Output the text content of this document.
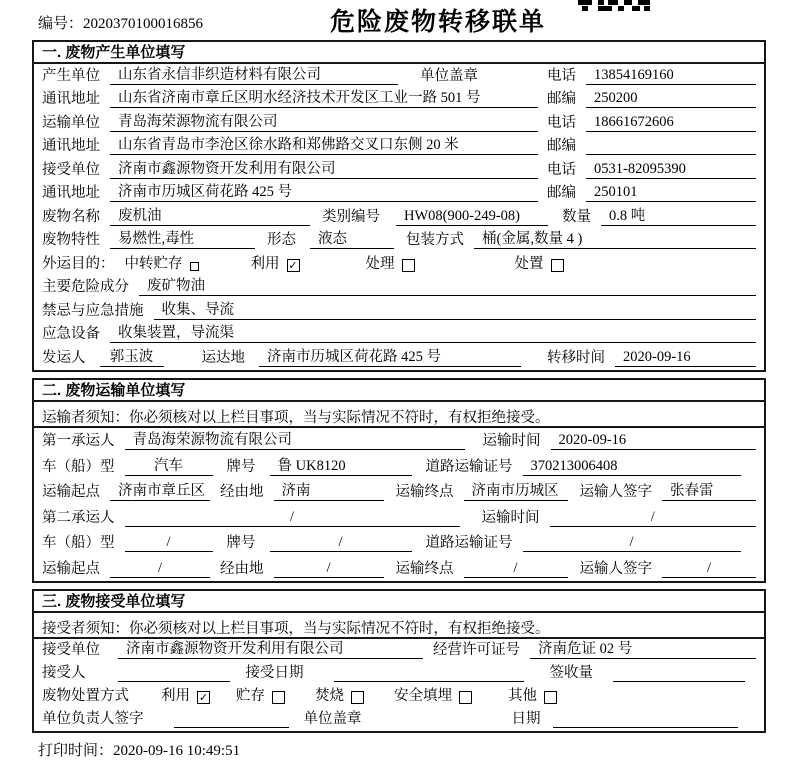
编号：2020370100016856	危险废物转移联单
一. 废物产生单位填写
产生单位	山东省永信非织造材料有限公司	单位盖章	电话	13854169160
通讯地址	山东省济南市章丘区明水经济技术开发区工业一路 501 号	邮编	250200
运输单位	青岛海荣源物流有限公司	电话	18661672606
通讯地址	山东省青岛市李沧区徐水路和郑佛路交叉口东侧 20 米	邮编
接受单位	济南市鑫源物资开发利用有限公司	电话	0531-82095390
通讯地址	济南市历城区荷花路 425 号	邮编	250101
废物名称	废机油	类别编号	HW08(900-249-08)	数量	0.8 吨
废物特性	易燃性,毒性	形态	液态	包装方式	桶(金属,数量 4 )
外运目的： 中转贮存	利用 ✓	处理	处置
主要危险成分	废矿物油
禁忌与应急措施	收集、导流
应急设备	收集装置，导流渠
发运人	郭玉波	运达地	济南市历城区荷花路 425 号	转移时间	2020-09-16
二. 废物运输单位填写
运输者须知：你必须核对以上栏目事项，当与实际情况不符时，有权拒绝接受。
第一承运人	青岛海荣源物流有限公司	运输时间	2020-09-16
车（船）型	汽车	牌号	鲁 UK8120	道路运输证号	370213006408
运输起点	济南市章丘区	经由地	济南	运输终点	济南市历城区	运输人签字	张春雷
第二承运人	/	运输时间	/
车（船）型	/	牌号	/	道路运输证号	/
运输起点	/	经由地	/	运输终点	/	运输人签字	/
三. 废物接受单位填写
接受者须知：你必须核对以上栏目事项，当与实际情况不符时，有权拒绝接受。
接受单位	济南市鑫源物资开发利用有限公司	经营许可证号	济南危证 02 号
接受人	接受日期	签收量
废物处置方式 利用 ✓ 贮存	焚烧	安全填埋	其他
单位负责人签字	单位盖章	日期
打印时间：2020-09-16 10:49:51
